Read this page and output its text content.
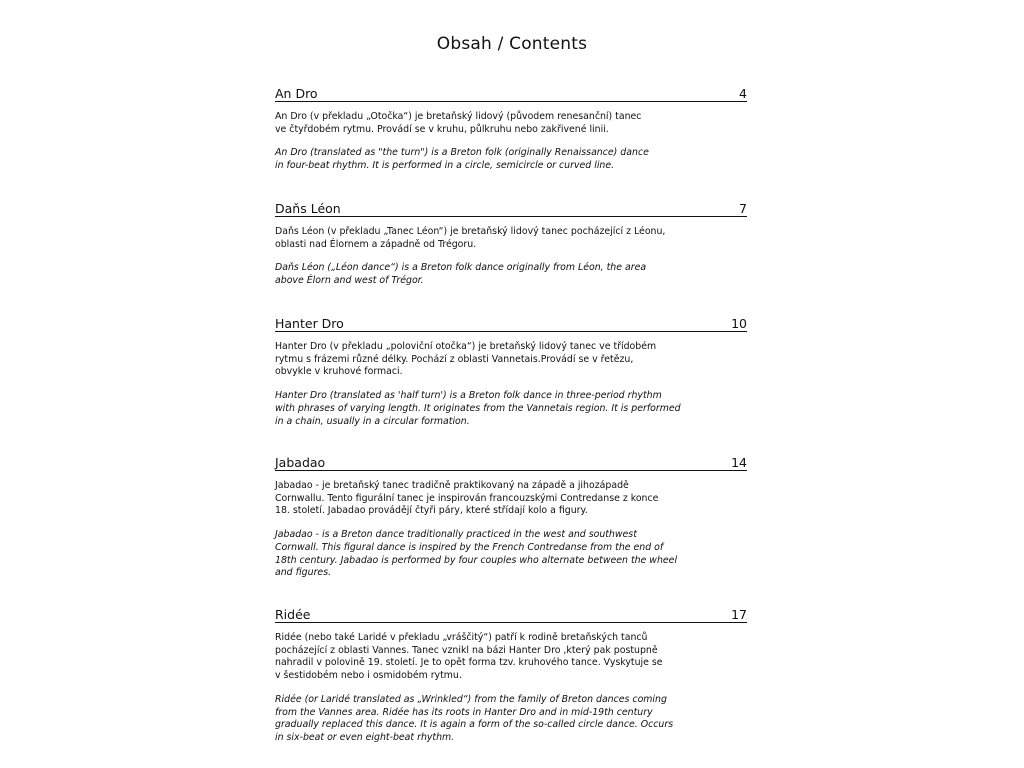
Obsah / Contents
An Dro	4

An Dro (v překladu „Otočka“) je bretaňský lidový (původem renesanční) tanec
ve čtyřdobém rytmu. Provádí se v kruhu, půlkruhu nebo zakřivené linii.

An Dro (translated as "the turn") is a Breton folk (originally Renaissance) dance
in four-beat rhythm. It is performed in a circle, semicircle or curved line.

Daňs Léon	7

Daňs Léon (v překladu „Tanec Léon“) je bretaňský lidový tanec pocházející z Léonu,
oblasti nad Élornem a západně od Trégoru.

Daňs Léon („Léon dance“) is a Breton folk dance originally from Léon, the area
above Élorn and west of Trégor.

Hanter Dro	10

Hanter Dro (v překladu „poloviční otočka“) je bretaňský lidový tanec ve třídobém
rytmu s frázemi různé délky. Pochází z oblasti Vannetais.Provádí se v řetězu,
obvykle v kruhové formaci.

Hanter Dro (translated as 'half turn') is a Breton folk dance in three-period rhythm
with phrases of varying length. It originates from the Vannetais region. It is performed
in a chain, usually in a circular formation.

Jabadao	14

Jabadao - je bretaňský tanec tradičně praktikovaný na západě a jihozápadě
Cornwallu. Tento figurální tanec je inspirován francouzskými Contredanse z konce
18. století. Jabadao provádějí čtyři páry, které střídají kolo a figury.

Jabadao - is a Breton dance traditionally practiced in the west and southwest
Cornwall. This figural dance is inspired by the French Contredanse from the end of
18th century. Jabadao is performed by four couples who alternate between the wheel
and figures.

Ridée	17

Ridée (nebo také Laridé v překladu „vráščitý“) patří k rodině bretaňských tanců
pocházející z oblasti Vannes. Tanec vznikl na bázi Hanter Dro ,který pak postupně
nahradil v polovině 19. století. Je to opět forma tzv. kruhového tance. Vyskytuje se
v šestidobém nebo i osmidobém rytmu.

Ridée (or Laridé translated as „Wrinkled“) from the family of Breton dances coming
from the Vannes area. Ridée has its roots in Hanter Dro and in mid-19th century
gradually replaced this dance. It is again a form of the so-called circle dance. Occurs
in six-beat or even eight-beat rhythm.
